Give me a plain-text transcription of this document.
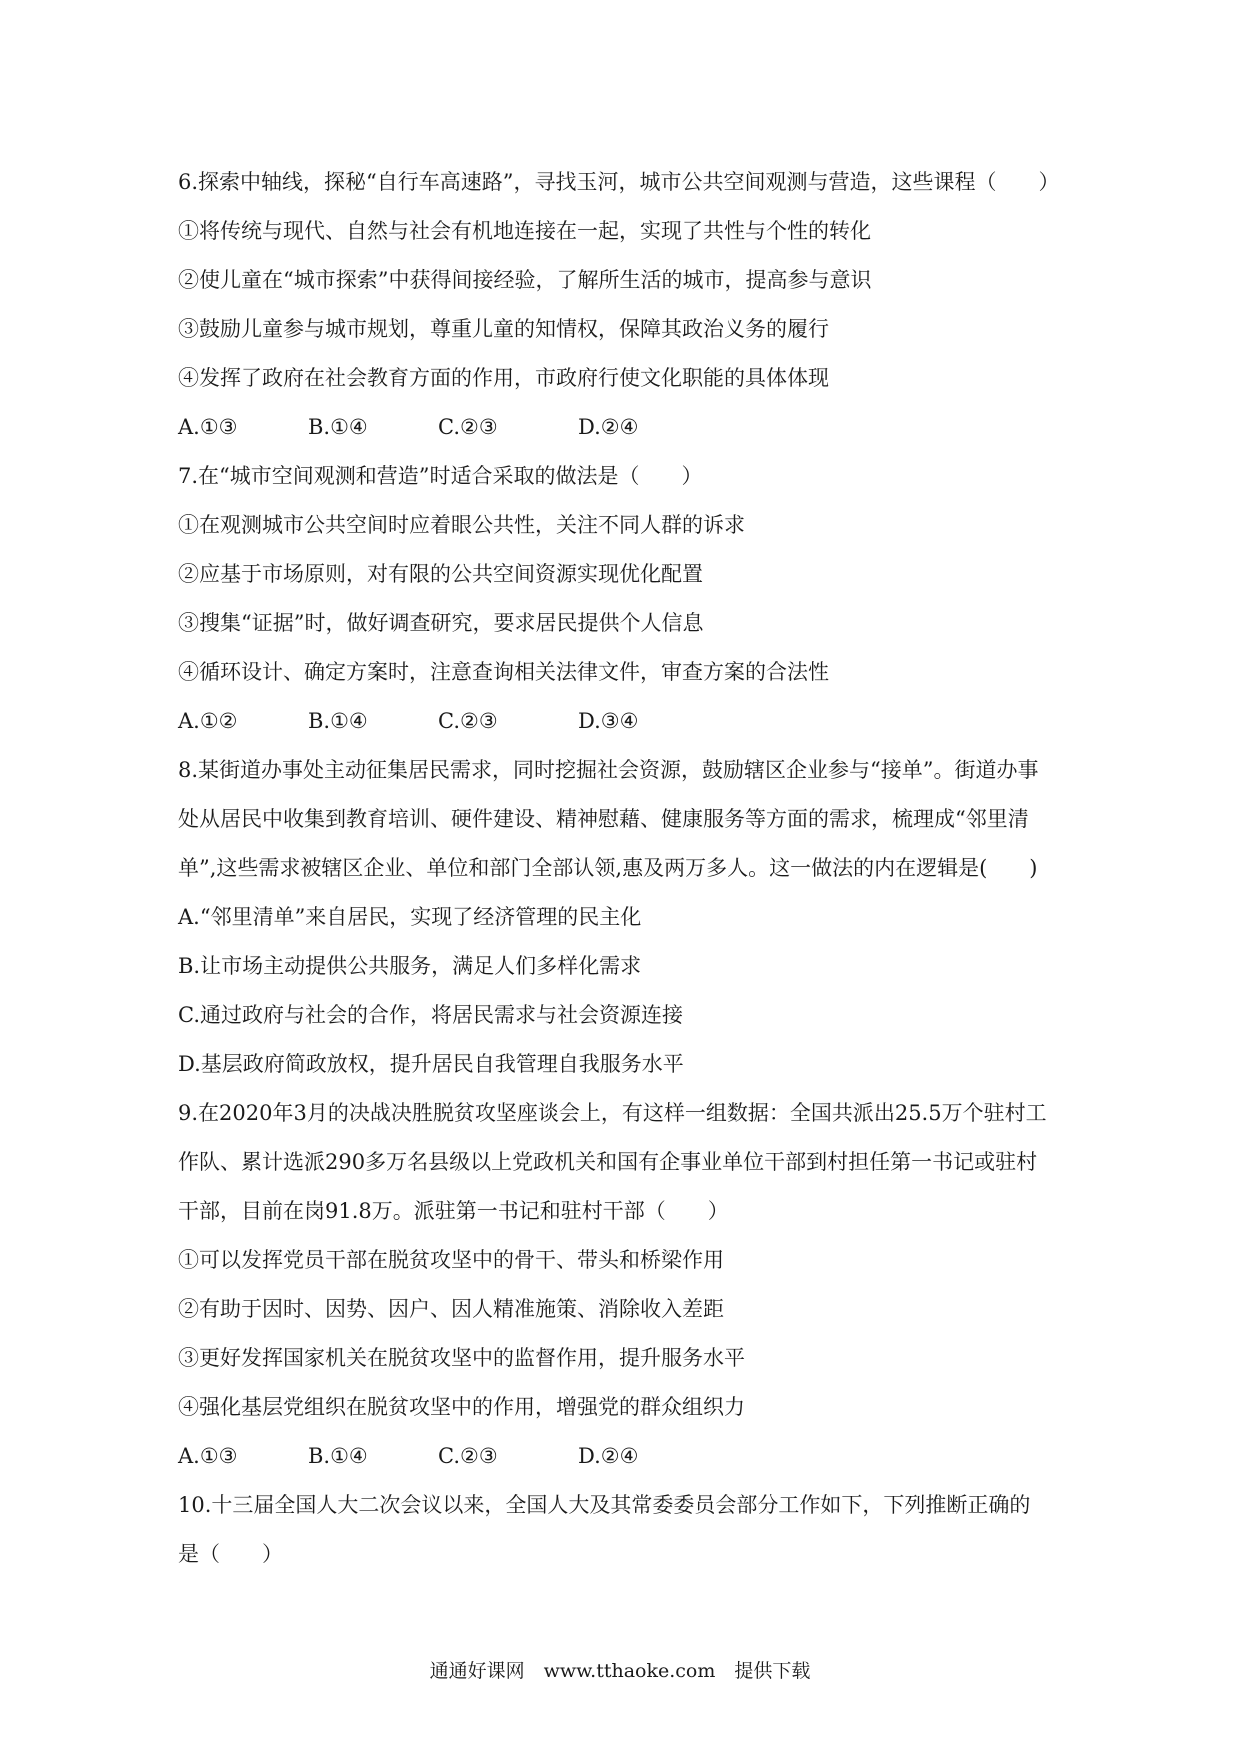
6.探索中轴线，探秘“自行车高速路”，寻找玉河，城市公共空间观测与营造，这些课程（　　）
①将传统与现代、自然与社会有机地连接在一起，实现了共性与个性的转化
②使儿童在“城市探索”中获得间接经验，了解所生活的城市，提高参与意识
③鼓励儿童参与城市规划，尊重儿童的知情权，保障其政治义务的履行
④发挥了政府在社会教育方面的作用，市政府行使文化职能的具体体现
A.①③	B.①④	C.②③	D.②④
7.在“城市空间观测和营造”时适合采取的做法是（　　）
①在观测城市公共空间时应着眼公共性，关注不同人群的诉求
②应基于市场原则，对有限的公共空间资源实现优化配置
③搜集“证据”时，做好调查研究，要求居民提供个人信息
④循环设计、确定方案时，注意查询相关法律文件，审查方案的合法性
A.①②	B.①④	C.②③	D.③④
8.某街道办事处主动征集居民需求，同时挖掘社会资源，鼓励辖区企业参与“接单”。街道办事
处从居民中收集到教育培训、硬件建设、精神慰藉、健康服务等方面的需求，梳理成“邻里清
单”,这些需求被辖区企业、单位和部门全部认领,惠及两万多人。这一做法的内在逻辑是(　　)
A.“邻里清单”来自居民，实现了经济管理的民主化
B.让市场主动提供公共服务，满足人们多样化需求
C.通过政府与社会的合作，将居民需求与社会资源连接
D.基层政府简政放权，提升居民自我管理自我服务水平
9.在2020年3月的决战决胜脱贫攻坚座谈会上，有这样一组数据：全国共派出25.5万个驻村工
作队、累计选派290多万名县级以上党政机关和国有企事业单位干部到村担任第一书记或驻村
干部，目前在岗91.8万。派驻第一书记和驻村干部（　　）
①可以发挥党员干部在脱贫攻坚中的骨干、带头和桥梁作用
②有助于因时、因势、因户、因人精准施策、消除收入差距
③更好发挥国家机关在脱贫攻坚中的监督作用，提升服务水平
④强化基层党组织在脱贫攻坚中的作用，增强党的群众组织力
A.①③	B.①④	C.②③	D.②④
10.十三届全国人大二次会议以来，全国人大及其常委委员会部分工作如下，下列推断正确的
是（　　）
通通好课网　www.tthaoke.com　提供下载
